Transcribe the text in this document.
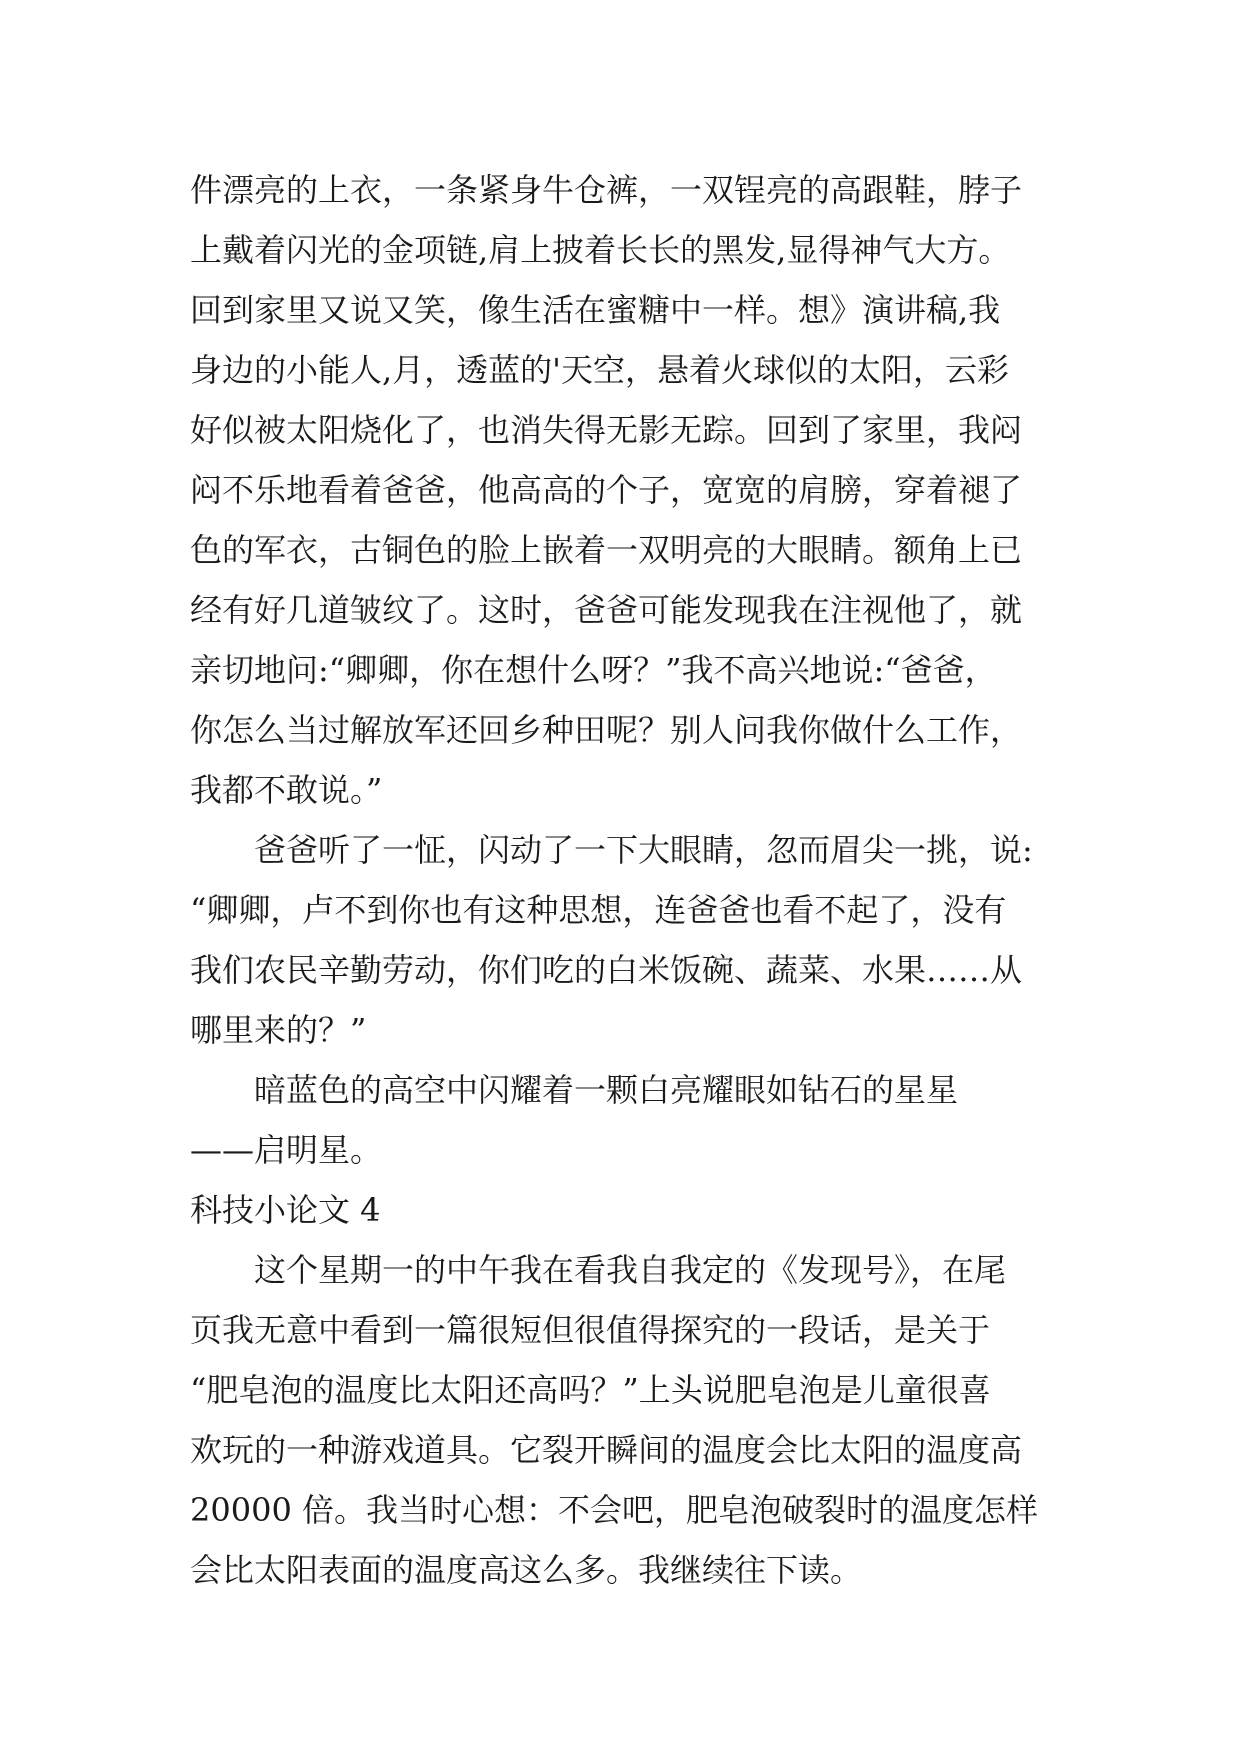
件漂亮的上衣，一条紧身牛仓裤，一双锃亮的高跟鞋，脖子
上戴着闪光的金项链,肩上披着长长的黑发,显得神气大方。
回到家里又说又笑，像生活在蜜糖中一样。想》演讲稿,我
身边的小能人,月，透蓝的'天空，悬着火球似的太阳，云彩
好似被太阳烧化了，也消失得无影无踪。回到了家里，我闷
闷不乐地看着爸爸，他高高的个子，宽宽的肩膀，穿着褪了
色的军衣，古铜色的脸上嵌着一双明亮的大眼睛。额角上已
经有好几道皱纹了。这时，爸爸可能发现我在注视他了，就
亲切地问:“卿卿，你在想什么呀？”我不高兴地说:“爸爸，
你怎么当过解放军还回乡种田呢？别人问我你做什么工作，
我都不敢说。”
　　爸爸听了一怔，闪动了一下大眼睛，忽而眉尖一挑，说:
“卿卿，卢不到你也有这种思想，连爸爸也看不起了，没有
我们农民辛勤劳动，你们吃的白米饭碗、蔬菜、水果……从
哪里来的？”
　　暗蓝色的高空中闪耀着一颗白亮耀眼如钻石的星星
——启明星。
科技小论文 4
　　这个星期一的中午我在看我自我定的《发现号》，在尾
页我无意中看到一篇很短但很值得探究的一段话，是关于
“肥皂泡的温度比太阳还高吗？”上头说肥皂泡是儿童很喜
欢玩的一种游戏道具。它裂开瞬间的温度会比太阳的温度高
20000 倍。我当时心想：不会吧，肥皂泡破裂时的温度怎样
会比太阳表面的温度高这么多。我继续往下读。
